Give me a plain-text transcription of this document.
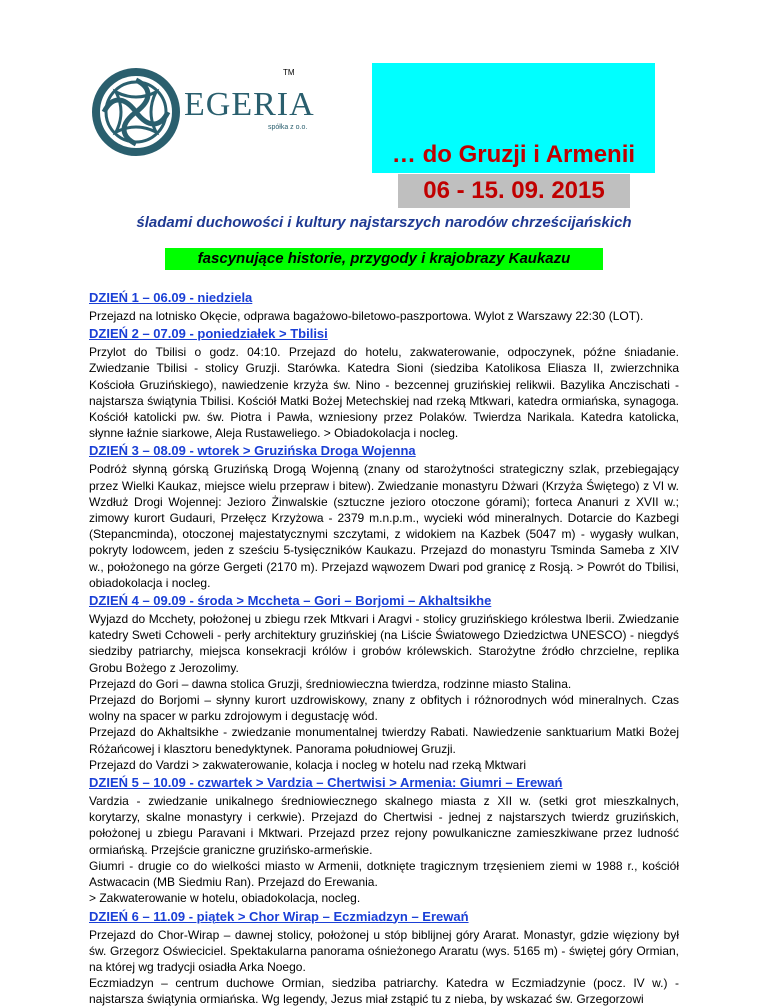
TM
EGERIA
spółka z o.o.
… do Gruzji i Armenii
06 - 15. 09. 2015
śladami duchowości i kultury najstarszych narodów chrześcijańskich
fascynujące historie, przygody i krajobrazy Kaukazu
DZIEŃ 1 – 06.09 - niedziela

Przejazd na lotnisko Okęcie, odprawa bagażowo-biletowo-paszportowa. Wylot z Warszawy 22:30 (LOT).

DZIEŃ 2 – 07.09 - poniedziałek > Tbilisi

Przylot do Tbilisi o godz. 04:10. Przejazd do hotelu, zakwaterowanie, odpoczynek, późne śniadanie. Zwiedzanie Tbilisi - stolicy Gruzji. Starówka. Katedra Sioni (siedziba Katolikosa Eliasza II, zwierzchnika Kościoła Gruzińskiego), nawiedzenie krzyża św. Nino - bezcennej gruzińskiej relikwii. Bazylika Anczischati - najstarsza świątynia Tbilisi. Kościół Matki Bożej Metechskiej nad rzeką Mtkwari, katedra ormiańska, synagoga. Kościół katolicki pw. św. Piotra i Pawła, wzniesiony przez Polaków. Twierdza Narikala. Katedra katolicka, słynne łaźnie siarkowe, Aleja Rustaweliego. > Obiadokolacja i nocleg.

DZIEŃ 3 – 08.09 - wtorek > Gruzińska Droga Wojenna

Podróż słynną górską Gruzińską Drogą Wojenną (znany od starożytności strategiczny szlak, przebiegający przez Wielki Kaukaz, miejsce wielu przepraw i bitew). Zwiedzanie monastyru Dżwari (Krzyża Świętego) z VI w. Wzdłuż Drogi Wojennej: Jezioro Żinwalskie (sztuczne jezioro otoczone górami); forteca Ananuri z XVII w.; zimowy kurort Gudauri, Przełęcz Krzyżowa - 2379 m.n.p.m., wycieki wód mineralnych. Dotarcie do Kazbegi (Stepancminda), otoczonej majestatycznymi szczytami, z widokiem na Kazbek (5047 m) - wygasły wulkan, pokryty lodowcem, jeden z sześciu 5-tysięczników Kaukazu. Przejazd do monastyru Tsminda Sameba z XIV w., położonego na górze Gergeti (2170 m). Przejazd wąwozem Dwari pod granicę z Rosją. > Powrót do Tbilisi, obiadokolacja i nocleg.

DZIEŃ 4 – 09.09 - środa > Mccheta – Gori – Borjomi – Akhaltsikhe

Wyjazd do Mcchety, położonej u zbiegu rzek Mtkvari i Aragvi - stolicy gruzińskiego królestwa Iberii. Zwiedzanie katedry Sweti Cchoweli - perły architektury gruzińskiej (na Liście Światowego Dziedzictwa UNESCO) - niegdyś siedziby patriarchy, miejsca konsekracji królów i grobów królewskich. Starożytne źródło chrzcielne, replika Grobu Bożego z Jerozolimy.

Przejazd do Gori – dawna stolica Gruzji, średniowieczna twierdza, rodzinne miasto Stalina.

Przejazd do Borjomi – słynny kurort uzdrowiskowy, znany z obfitych i różnorodnych wód mineralnych. Czas wolny na spacer w parku zdrojowym i degustację wód.

Przejazd do Akhaltsikhe - zwiedzanie monumentalnej twierdzy Rabati. Nawiedzenie sanktuarium Matki Bożej Różańcowej i klasztoru benedyktynek. Panorama południowej Gruzji.

Przejazd do Vardzi > zakwaterowanie, kolacja i nocleg w hotelu nad rzeką Mktwari

DZIEŃ 5 – 10.09 - czwartek > Vardzia – Chertwisi > Armenia: Giumri – Erewań

Vardzia - zwiedzanie unikalnego średniowiecznego skalnego miasta z XII w. (setki grot mieszkalnych, korytarzy, skalne monastyry i cerkwie). Przejazd do Chertwisi - jednej z najstarszych twierdz gruzińskich, położonej u zbiegu Paravani i Mktwari. Przejazd przez rejony powulkaniczne zamieszkiwane przez ludność ormiańską. Przejście graniczne gruzińsko-armeńskie.

Giumri - drugie co do wielkości miasto w Armenii, dotknięte tragicznym trzęsieniem ziemi w 1988 r., kościół Astwacacin (MB Siedmiu Ran). Przejazd do Erewania.

> Zakwaterowanie w hotelu, obiadokolacja, nocleg.

DZIEŃ 6 – 11.09 - piątek > Chor Wirap – Eczmiadzyn – Erewań

Przejazd do Chor-Wirap – dawnej stolicy, położonej u stóp biblijnej góry Ararat. Monastyr, gdzie więziony był św. Grzegorz Oświeciciel. Spektakularna panorama ośnieżonego Araratu (wys. 5165 m) - świętej góry Ormian, na której wg tradycji osiadła Arka Noego.

Eczmiadzyn – centrum duchowe Ormian, siedziba patriarchy. Katedra w Eczmiadzynie (pocz. IV w.) - najstarsza świątynia ormiańska. Wg legendy, Jezus miał zstąpić tu z nieba, by wskazać św. Grzegorzowi
